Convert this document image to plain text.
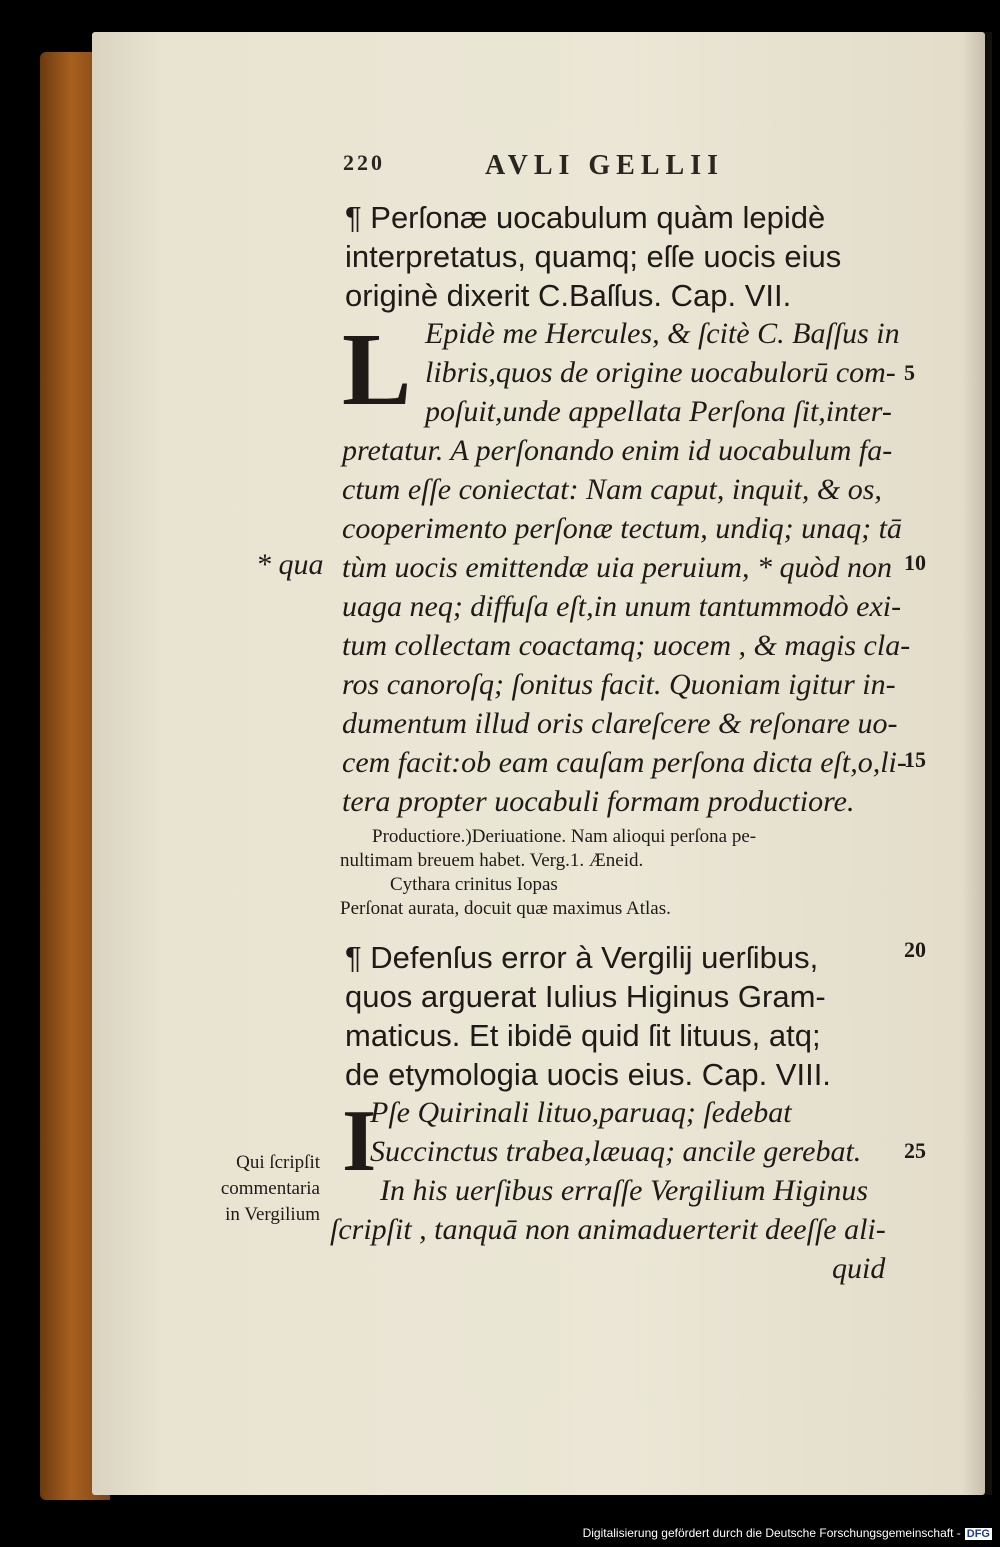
220	AVLI GELLII
¶ Perſonæ uocabulum quàm lepidè
interpretatus, quamq; eſſe uocis eius
originè dixerit C.Baſſus. Cap. VII.
L Epidè me Hercules, & ſcitè C. Baſſus in
libris,quos de origine uocabulorū com-
poſuit,unde appellata Perſona ſit,inter-
pretatur. A perſonando enim id uocabulum fa-
ctum eſſe coniectat: Nam caput, inquit, & os,
cooperimento perſonæ tectum, undiq; unaq; tā
tùm uocis emittendæ uia peruium, * quòd non
uaga neq; diffuſa eſt,in unum tantummodò exi-
tum collectam coactamq; uocem , & magis cla-
ros canoroſq; ſonitus facit. Quoniam igitur in-
dumentum illud oris clareſcere & reſonare uo-
cem facit:ob eam cauſam perſona dicta eſt,o,li-
tera propter uocabuli formam productiore.
Productiore.)Deriuatione. Nam alioqui perſona pe-
nultimam breuem habet. Verg.1. Æneid.
Cythara crinitus Iopas
Perſonat aurata, docuit quæ maximus Atlas.
* qua
¶ Defenſus error à Vergilij uerſibus,
quos arguerat Iulius Higinus Gram-
maticus. Et ibidē quid ſit lituus, atq;
de etymologia uocis eius. Cap. VIII.
I
Pſe Quirinali lituo,paruaq; ſedebat
Succinctus trabea,læuaq; ancile gerebat.
In his uerſibus erraſſe Vergilium Higinus
ſcripſit , tanquā non animaduerterit deeſſe ali-
quid
Qui ſcripſit
commentaria
in Vergilium
5
10
15
20
25
Digitalisierung gefördert durch die Deutsche Forschungsgemeinschaft - DFG
